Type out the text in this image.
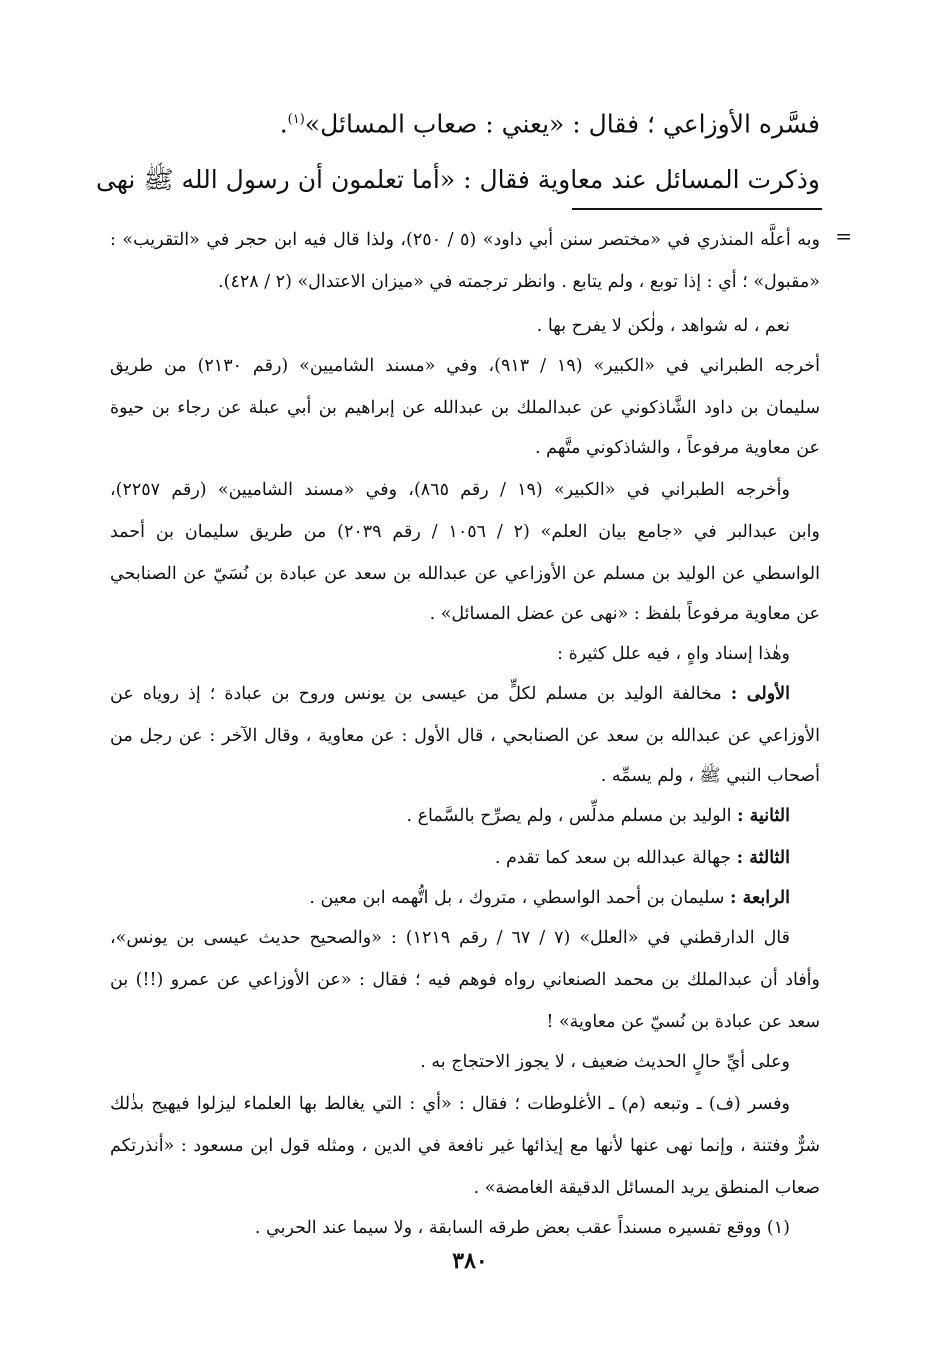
فسَّره الأوزاعي ؛ فقال : «يعني : صعاب المسائل»$^{(١)}$.
وذكرت المسائل عند معاوية فقال : «أما تعلمون أن رسول الله ﷺ نهى
=
وبه أعلَّه المنذري في «مختصر سنن أبي داود» (٥ / ٢٥٠)، ولذا قال فيه ابن حجر في «التقريب» :
«مقبول» ؛ أي : إذا توبع ، ولم يتابع . وانظر ترجمته في «ميزان الاعتدال» (٢ / ٤٢٨).
نعم ، له شواهد ، ولٰكن لا يفرح بها .
أخرجه الطبراني في «الكبير» (١٩ / ٩١٣)، وفي «مسند الشاميين» (رقم ٢١٣٠) من طريق
سليمان بن داود الشَّاذكوني عن عبدالملك بن عبدالله عن إبراهيم بن أبي عبلة عن رجاء بن حيوة
عن معاوية مرفوعاً ، والشاذكوني متَّهم .
وأخرجه الطبراني في «الكبير» (١٩ / رقم ٨٦٥)، وفي «مسند الشاميين» (رقم ٢٢٥٧)،
وابن عبدالبر في «جامع بيان العلم» (٢ / ١٠٥٦ / رقم ٢٠٣٩) من طريق سليمان بن أحمد
الواسطي عن الوليد بن مسلم عن الأوزاعي عن عبدالله بن سعد عن عبادة بن نُسَيّ عن الصنابحي
عن معاوية مرفوعاً بلفظ : «نهى عن عضل المسائل» .
وهٰذا إسناد واهٍ ، فيه علل كثيرة :
الأولى : مخالفة الوليد بن مسلم لكلٍّ من عيسى بن يونس وروح بن عبادة ؛ إذ روياه عن
الأوزاعي عن عبدالله بن سعد عن الصنابحي ، قال الأول : عن معاوية ، وقال الآخر : عن رجل من
أصحاب النبي ﷺ ، ولم يسمِّه .
الثانية : الوليد بن مسلم مدلِّس ، ولم يصرِّح بالسَّماع .
الثالثة : جهالة عبدالله بن سعد كما تقدم .
الرابعة : سليمان بن أحمد الواسطي ، متروك ، بل اتُّهمه ابن معين .
قال الدارقطني في «العلل» (٧ / ٦٧ / رقم ١٢١٩) : «والصحيح حديث عيسى بن يونس»،
وأفاد أن عبدالملك بن محمد الصنعاني رواه فوهم فيه ؛ فقال : «عن الأوزاعي عن عمرو (!!) بن
سعد عن عبادة بن نُسيّ عن معاوية» !
وعلى أيِّ حالٍ الحديث ضعيف ، لا يجوز الاحتجاج به .
وفسر (ف) ـ وتبعه (م) ـ الأغلوطات ؛ فقال : «أي : التي يغالط بها العلماء ليزلوا فيهيج بذٰلك
شرٌّ وفتنة ، وإنما نهى عنها لأنها مع إيذائها غير نافعة في الدين ، ومثله قول ابن مسعود : «أنذرتكم
صعاب المنطق يريد المسائل الدقيقة الغامضة» .
(١) ووقع تفسيره مسنداً عقب بعض طرقه السابقة ، ولا سيما عند الحربي .
٣٨٠
